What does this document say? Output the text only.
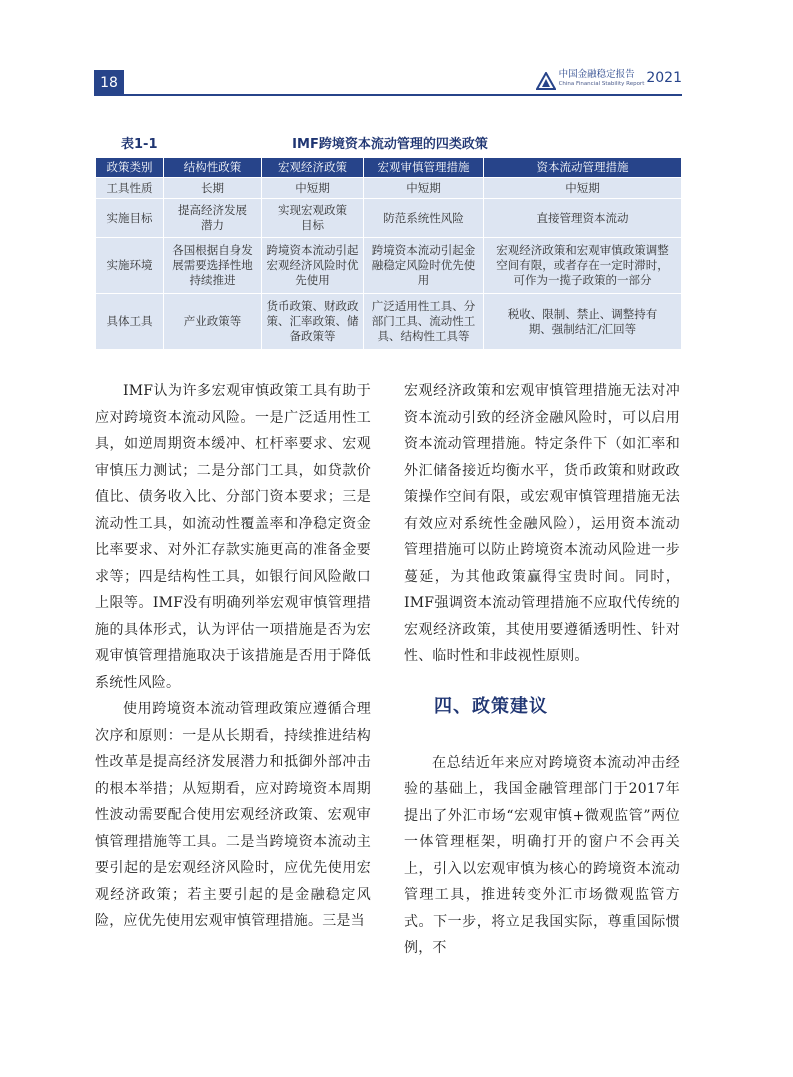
18
中国金融稳定报告
China Financial Stability Report 2021
表1-1	IMF跨境资本流动管理的四类政策
政策类别	结构性政策	宏观经济政策	宏观审慎管理措施	资本流动管理措施
工具性质	长期	中短期	中短期	中短期
实施目标	提高经济发展潜力	实现宏观政策目标	防范系统性风险	直接管理资本流动
实施环境	各国根据自身发展需要选择性地持续推进	跨境资本流动引起宏观经济风险时优先使用	跨境资本流动引起金融稳定风险时优先使用	宏观经济政策和宏观审慎政策调整空间有限，或者存在一定时滞时，可作为一揽子政策的一部分
具体工具	产业政策等	货币政策、财政政策、汇率政策、储备政策等	广泛适用性工具、分部门工具、流动性工具、结构性工具等	税收、限制、禁止、调整持有期、强制结汇/汇回等

IMF认为许多宏观审慎政策工具有助于应对跨境资本流动风险。一是广泛适用性工具，如逆周期资本缓冲、杠杆率要求、宏观审慎压力测试；二是分部门工具，如贷款价值比、债务收入比、分部门资本要求；三是流动性工具，如流动性覆盖率和净稳定资金比率要求、对外汇存款实施更高的准备金要求等；四是结构性工具，如银行间风险敞口上限等。IMF没有明确列举宏观审慎管理措施的具体形式，认为评估一项措施是否为宏观审慎管理措施取决于该措施是否用于降低系统性风险。

使用跨境资本流动管理政策应遵循合理次序和原则：一是从长期看，持续推进结构性改革是提高经济发展潜力和抵御外部冲击的根本举措；从短期看，应对跨境资本周期性波动需要配合使用宏观经济政策、宏观审慎管理措施等工具。二是当跨境资本流动主要引起的是宏观经济风险时，应优先使用宏观经济政策；若主要引起的是金融稳定风险，应优先使用宏观审慎管理措施。三是当

宏观经济政策和宏观审慎管理措施无法对冲资本流动引致的经济金融风险时，可以启用资本流动管理措施。特定条件下（如汇率和外汇储备接近均衡水平，货币政策和财政政策操作空间有限，或宏观审慎管理措施无法有效应对系统性金融风险），运用资本流动管理措施可以防止跨境资本流动风险进一步蔓延，为其他政策赢得宝贵时间。同时，IMF强调资本流动管理措施不应取代传统的宏观经济政策，其使用要遵循透明性、针对性、临时性和非歧视性原则。

四、政策建议

在总结近年来应对跨境资本流动冲击经验的基础上，我国金融管理部门于2017年提出了外汇市场“宏观审慎+微观监管”两位一体管理框架，明确打开的窗户不会再关上，引入以宏观审慎为核心的跨境资本流动管理工具，推进转变外汇市场微观监管方式。下一步，将立足我国实际，尊重国际惯例，不
